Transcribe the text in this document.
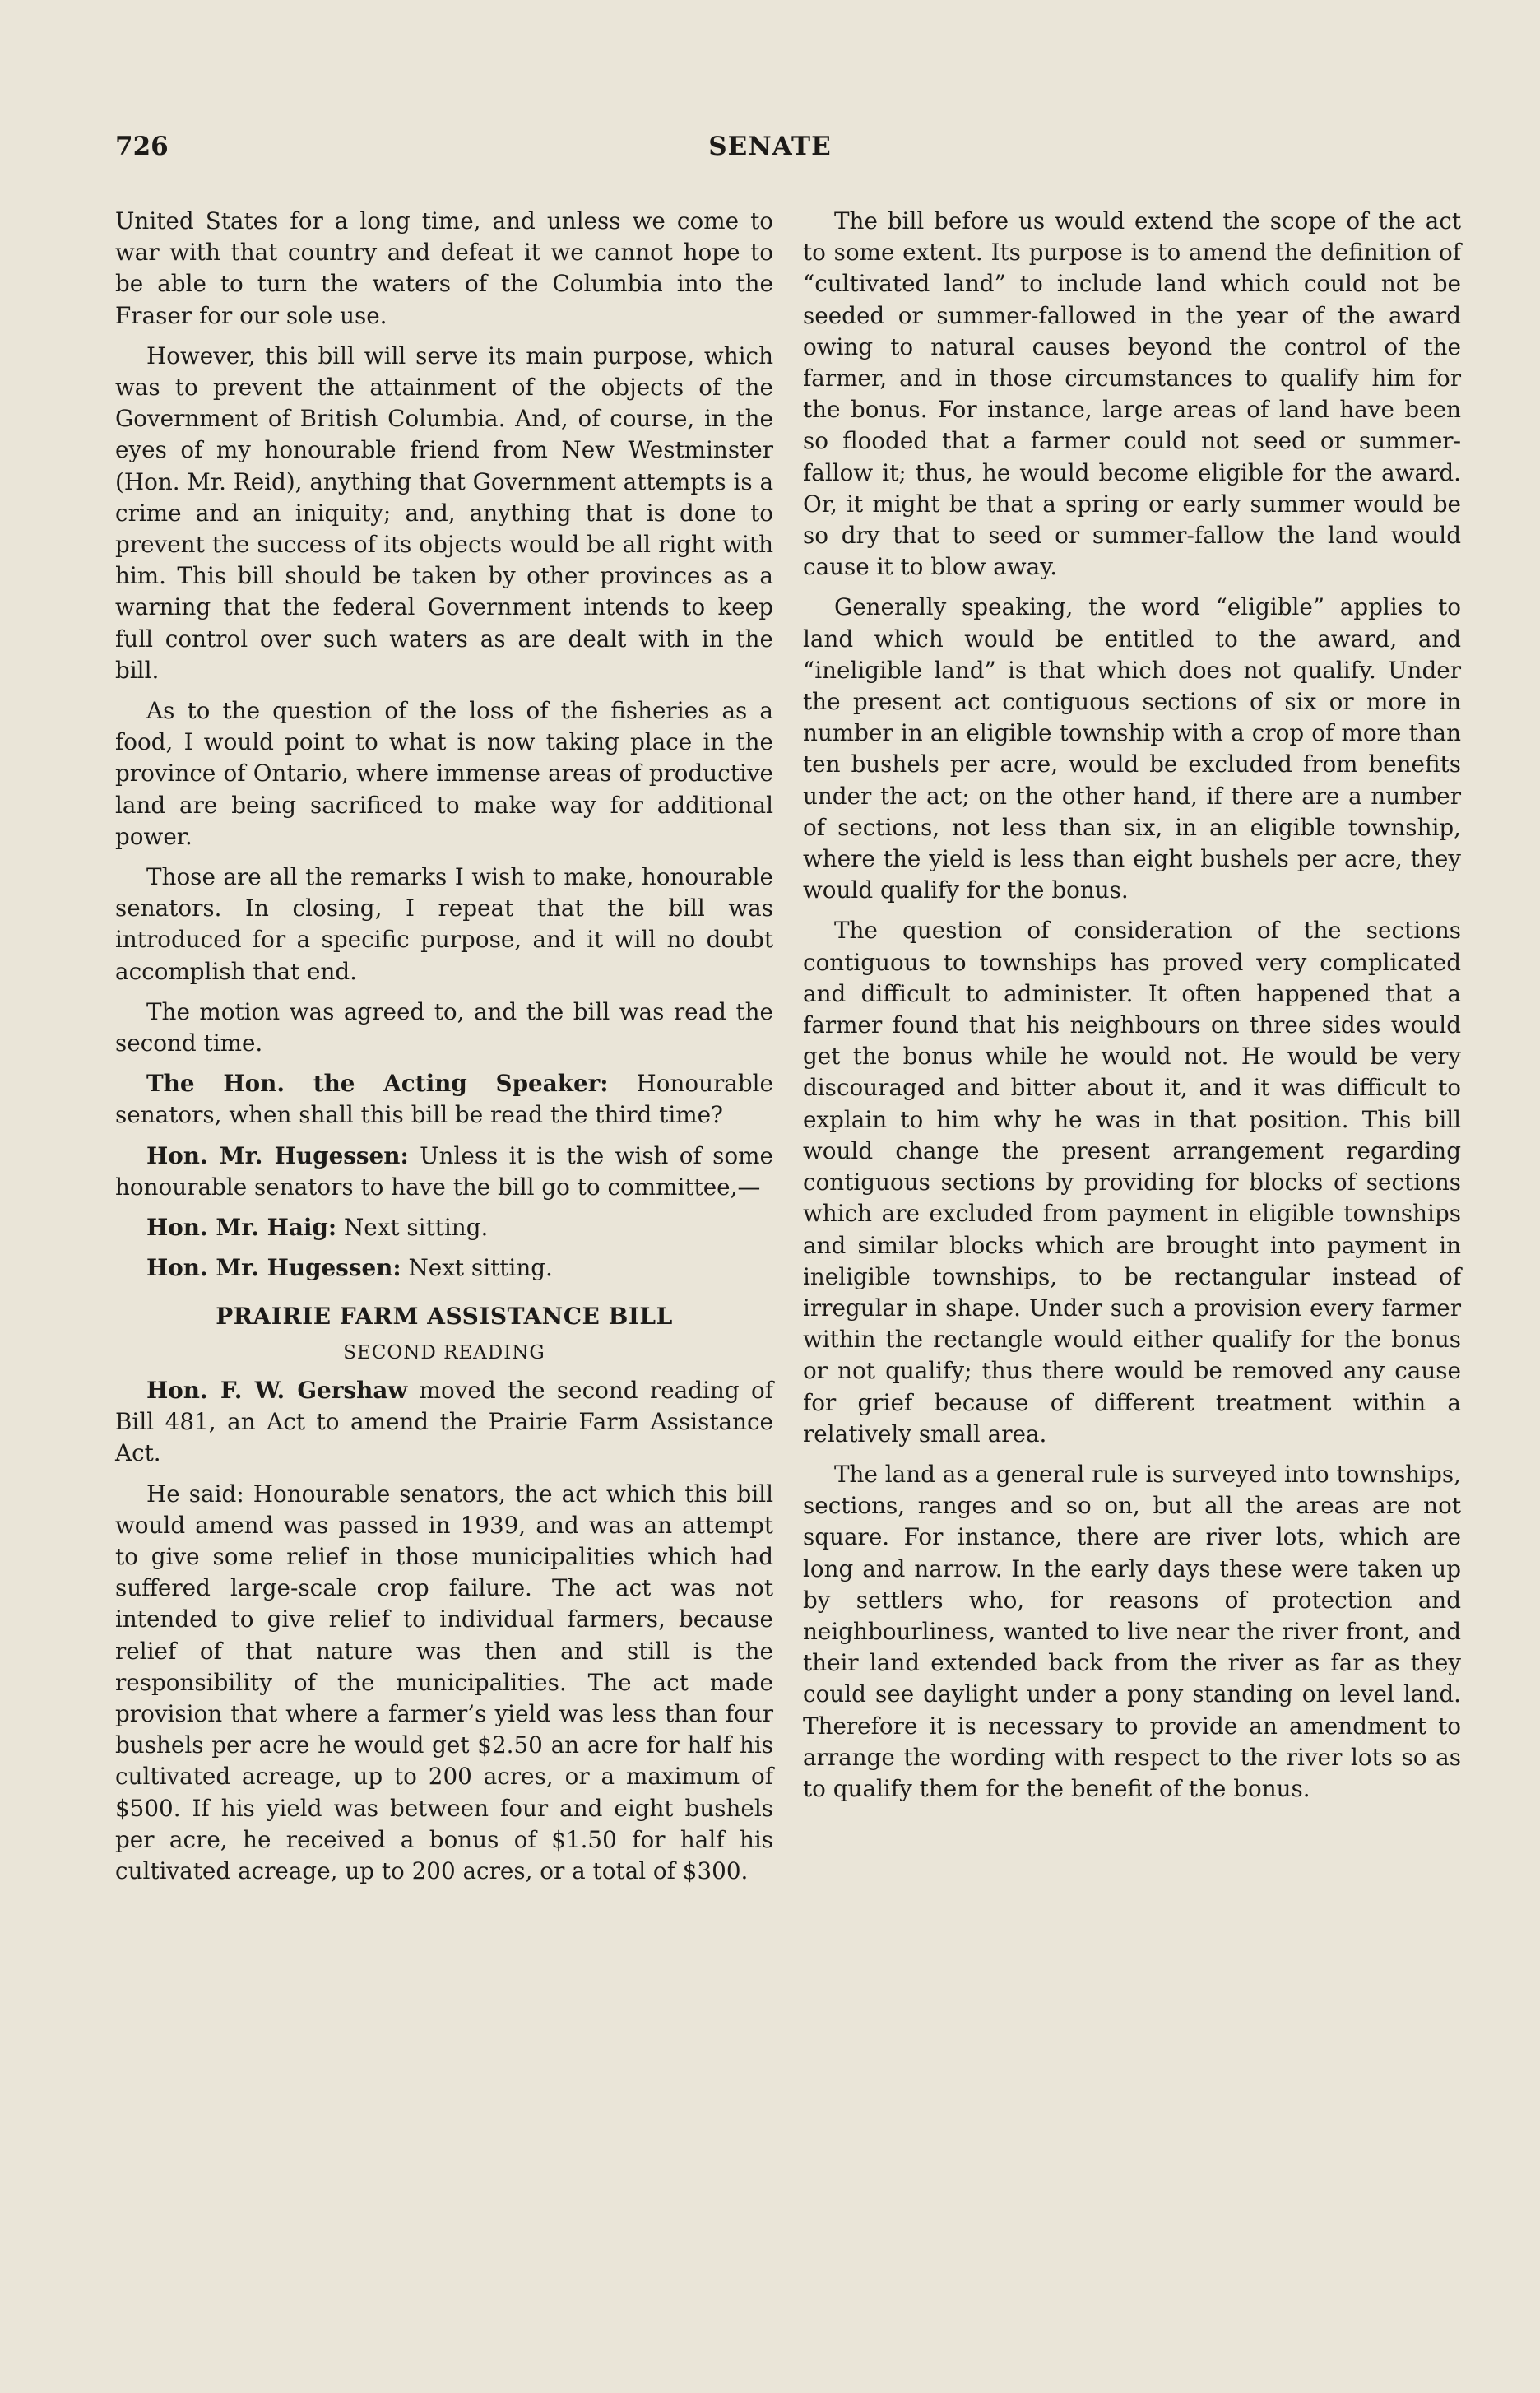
726	SENATE

United States for a long time, and unless we come to war with that country and defeat it we cannot hope to be able to turn the waters of the Columbia into the Fraser for our sole use.

However, this bill will serve its main purpose, which was to prevent the attainment of the objects of the Government of British Columbia. And, of course, in the eyes of my honourable friend from New Westminster (Hon. Mr. Reid), anything that Government attempts is a crime and an iniquity; and, anything that is done to prevent the success of its objects would be all right with him. This bill should be taken by other provinces as a warning that the federal Government intends to keep full control over such waters as are dealt with in the bill.

As to the question of the loss of the fisheries as a food, I would point to what is now taking place in the province of Ontario, where immense areas of productive land are being sacrificed to make way for additional power.

Those are all the remarks I wish to make, honourable senators. In closing, I repeat that the bill was introduced for a specific purpose, and it will no doubt accomplish that end.

The motion was agreed to, and the bill was read the second time.

The Hon. the Acting Speaker: Honourable senators, when shall this bill be read the third time?

Hon. Mr. Hugessen: Unless it is the wish of some honourable senators to have the bill go to committee,—

Hon. Mr. Haig: Next sitting.

Hon. Mr. Hugessen: Next sitting.

PRAIRIE FARM ASSISTANCE BILL
SECOND READING

Hon. F. W. Gershaw moved the second reading of Bill 481, an Act to amend the Prairie Farm Assistance Act.

He said: Honourable senators, the act which this bill would amend was passed in 1939, and was an attempt to give some relief in those municipalities which had suffered large-scale crop failure. The act was not intended to give relief to individual farmers, because relief of that nature was then and still is the responsibility of the municipalities. The act made provision that where a farmer’s yield was less than four bushels per acre he would get $2.50 an acre for half his cultivated acreage, up to 200 acres, or a maximum of $500. If his yield was between four and eight bushels per acre, he received a bonus of $1.50 for half his cultivated acreage, up to 200 acres, or a total of $300.

The bill before us would extend the scope of the act to some extent. Its purpose is to amend the definition of “cultivated land” to include land which could not be seeded or summer-fallowed in the year of the award owing to natural causes beyond the control of the farmer, and in those circumstances to qualify him for the bonus. For instance, large areas of land have been so flooded that a farmer could not seed or summer-fallow it; thus, he would become eligible for the award. Or, it might be that a spring or early summer would be so dry that to seed or summer-fallow the land would cause it to blow away.

Generally speaking, the word “eligible” applies to land which would be entitled to the award, and “ineligible land” is that which does not qualify. Under the present act contiguous sections of six or more in number in an eligible township with a crop of more than ten bushels per acre, would be excluded from benefits under the act; on the other hand, if there are a number of sections, not less than six, in an eligible township, where the yield is less than eight bushels per acre, they would qualify for the bonus.

The question of consideration of the sections contiguous to townships has proved very complicated and difficult to administer. It often happened that a farmer found that his neighbours on three sides would get the bonus while he would not. He would be very discouraged and bitter about it, and it was difficult to explain to him why he was in that position. This bill would change the present arrangement regarding contiguous sections by providing for blocks of sections which are excluded from payment in eligible townships and similar blocks which are brought into payment in ineligible townships, to be rectangular instead of irregular in shape. Under such a provision every farmer within the rectangle would either qualify for the bonus or not qualify; thus there would be removed any cause for grief because of different treatment within a relatively small area.

The land as a general rule is surveyed into townships, sections, ranges and so on, but all the areas are not square. For instance, there are river lots, which are long and narrow. In the early days these were taken up by settlers who, for reasons of protection and neighbourliness, wanted to live near the river front, and their land extended back from the river as far as they could see daylight under a pony standing on level land. Therefore it is necessary to provide an amendment to arrange the wording with respect to the river lots so as to qualify them for the benefit of the bonus.
